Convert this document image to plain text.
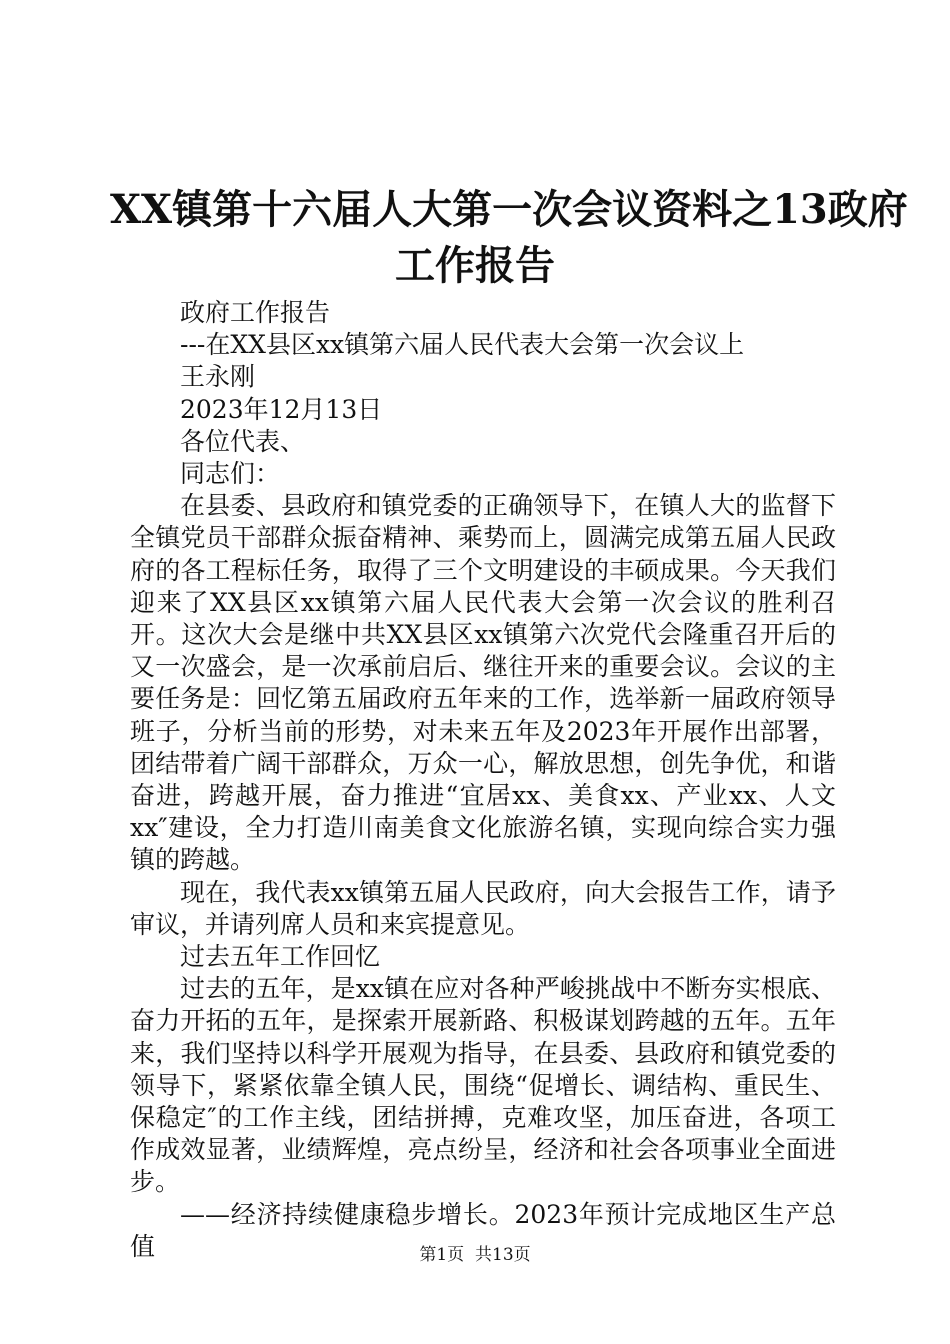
XX镇第十六届人大第一次会议资料之13政府
工作报告

政府工作报告

---在XX县区xx镇第六届人民代表大会第一次会议上

王永刚

2023年12月13日

各位代表、

同志们：

在县委、县政府和镇党委的正确领导下，在镇人大的监督下全镇党员干部群众振奋精神、乘势而上，圆满完成第五届人民政府的各工程标任务，取得了三个文明建设的丰硕成果。今天我们迎来了XX县区xx镇第六届人民代表大会第一次会议的胜利召开。这次大会是继中共XX县区xx镇第六次党代会隆重召开后的又一次盛会，是一次承前启后、继往开来的重要会议。会议的主要任务是：回忆第五届政府五年来的工作，选举新一届政府领导班子，分析当前的形势，对未来五年及2023年开展作出部署，团结带着广阔干部群众，万众一心，解放思想，创先争优，和谐奋进，跨越开展，奋力推进“宜居xx、美食xx、产业xx、人文xx″建设，全力打造川南美食文化旅游名镇，实现向综合实力强镇的跨越。

现在，我代表xx镇第五届人民政府，向大会报告工作，请予审议，并请列席人员和来宾提意见。

过去五年工作回忆

过去的五年，是xx镇在应对各种严峻挑战中不断夯实根底、奋力开拓的五年，是探索开展新路、积极谋划跨越的五年。五年来，我们坚持以科学开展观为指导，在县委、县政府和镇党委的领导下，紧紧依靠全镇人民，围绕“促增长、调结构、重民生、保稳定″的工作主线，团结拼搏，克难攻坚，加压奋进，各项工作成效显著，业绩辉煌，亮点纷呈，经济和社会各项事业全面进步。

——经济持续健康稳步增长。2023年预计完成地区生产总值	第1页 共13页
